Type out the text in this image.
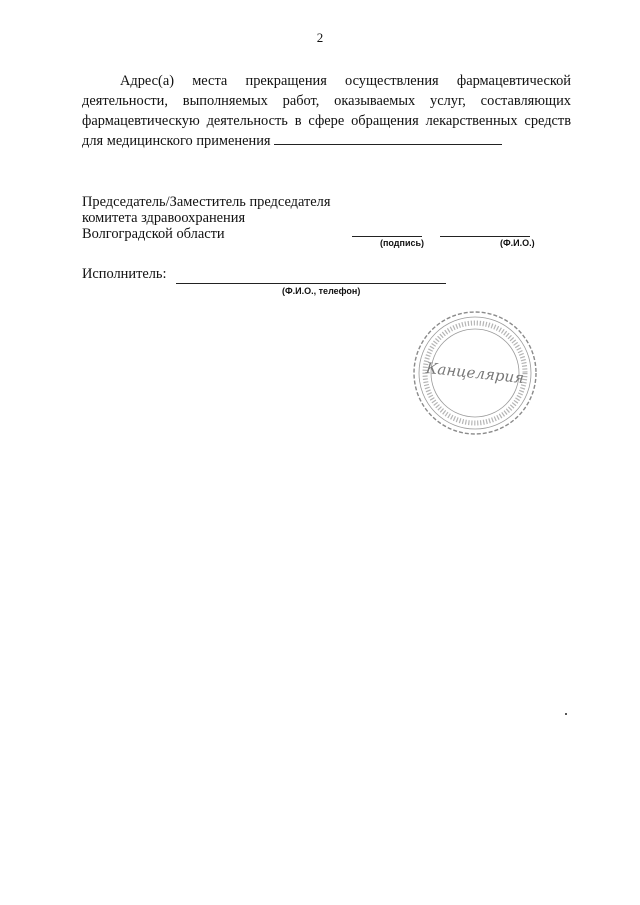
2

Адрес(а) места прекращения осуществления фармацевтической деятельности, выполняемых работ, оказываемых услуг, составляющих фармацевтическую деятельность в сфере обращения лекарственных средств для медицинского применения

Председатель/Заместитель председателя
комитета здравоохранения
Волгоградской области
(подпись)	(Ф.И.О.)
Исполнитель:
(Ф.И.О., телефон)
Канцелярия
